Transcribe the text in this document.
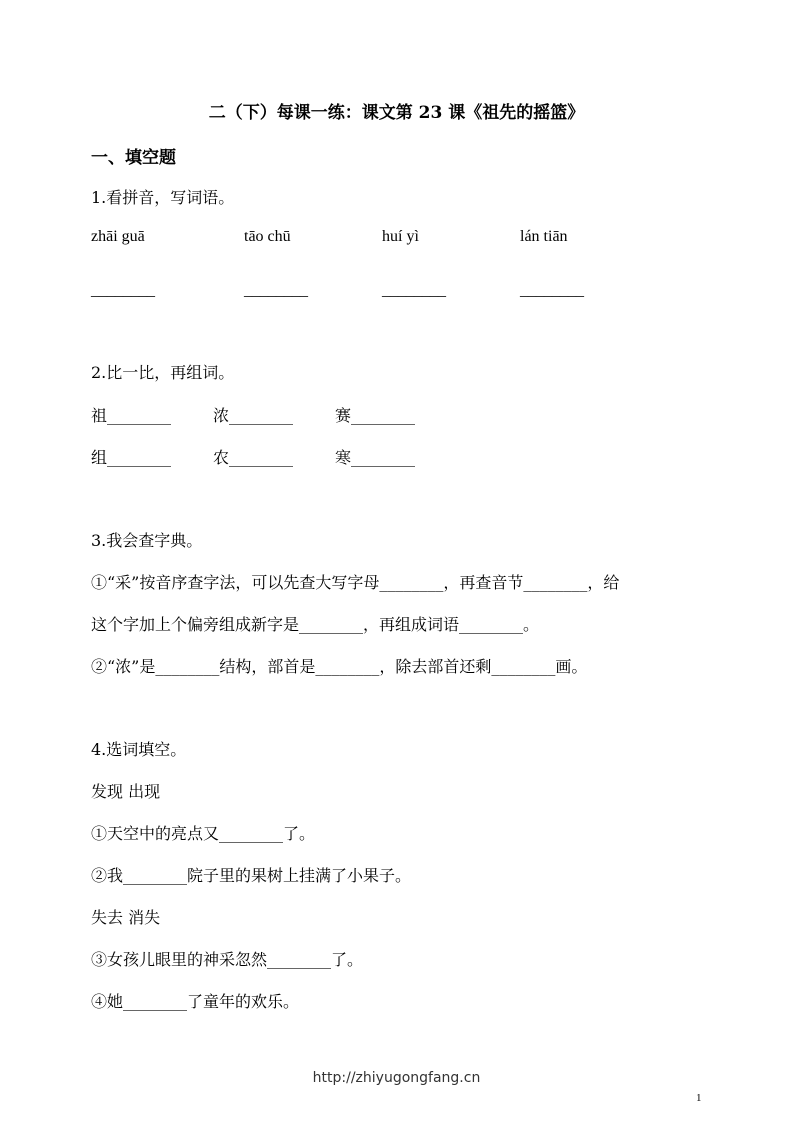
二（下）每课一练：课文第 23 课《祖先的摇篮》
一、填空题
1.看拼音，写词语。
zhāi guā	tāo chū	huí yì	lán tiān
________	________	________	________
2.比一比，再组词。
祖________	浓________	赛________
组________	农________	寒________
3.我会查字典。
①“采”按音序查字法，可以先查大写字母________，再查音节________，给
这个字加上个偏旁组成新字是________，再组成词语________。
②“浓”是________结构，部首是________，除去部首还剩________画。
4.选词填空。
发现 出现
①天空中的亮点又________了。
②我________院子里的果树上挂满了小果子。
失去 消失
③女孩儿眼里的神采忽然________了。
④她________了童年的欢乐。
http://zhiyugongfang.cn
1
